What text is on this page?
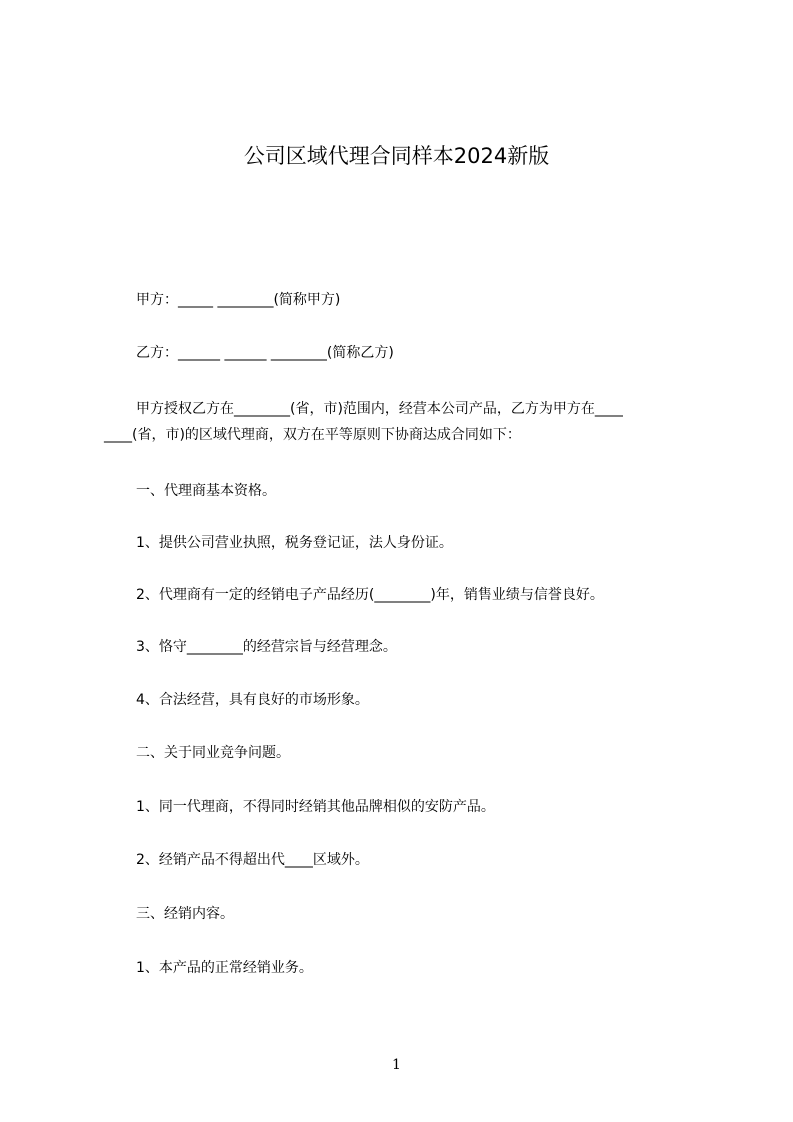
公司区域代理合同样本2024新版
甲方：_____ ________(简称甲方)
乙方：______ ______ ________(简称乙方)
甲方授权乙方在________(省，市)范围内，经营本公司产品，乙方为甲方在____
____(省，市)的区域代理商，双方在平等原则下协商达成合同如下：
一、代理商基本资格。
1、提供公司营业执照，税务登记证，法人身份证。
2、代理商有一定的经销电子产品经历(________)年，销售业绩与信誉良好。
3、恪守________的经营宗旨与经营理念。
4、合法经营，具有良好的市场形象。
二、关于同业竞争问题。
1、同一代理商，不得同时经销其他品牌相似的安防产品。
2、经销产品不得超出代____区域外。
三、经销内容。
1、本产品的正常经销业务。
1
